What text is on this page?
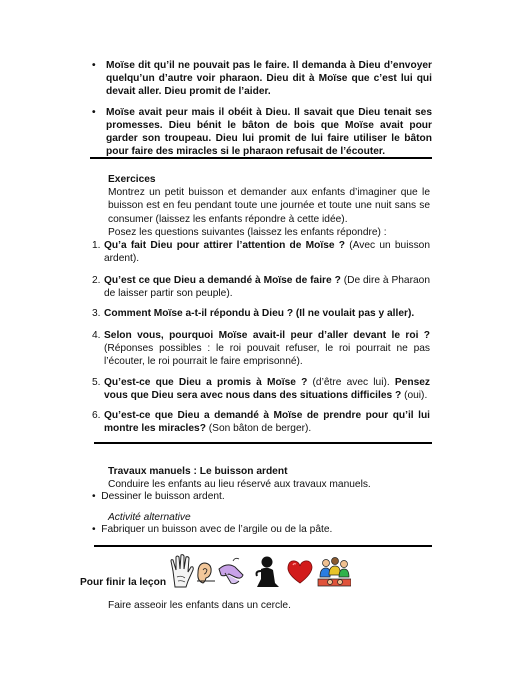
• Moïse dit qu’il ne pouvait pas le faire. Il demanda à Dieu d’envoyer quelqu’un d’autre voir pharaon. Dieu dit à Moïse que c’est lui qui devait aller. Dieu promit de l’aider.
• Moïse avait peur mais il obéit à Dieu. Il savait que Dieu tenait ses promesses. Dieu bénit le bâton de bois que Moïse avait pour garder son troupeau. Dieu lui promit de lui faire utiliser le bâton pour faire des miracles si le pharaon refusait de l’écouter.
Exercices
Montrez un petit buisson et demander aux enfants d’imaginer que le buisson est en feu pendant toute une journée et toute une nuit sans se consumer (laissez les enfants répondre à cette idée).
Posez les questions suivantes (laissez les enfants répondre) :
1. Qu’a fait Dieu pour attirer l’attention de Moïse ? (Avec un buisson ardent).
2. Qu’est ce que Dieu a demandé à Moïse de faire ? (De dire à Pharaon de laisser partir son peuple).
3. Comment Moïse a-t-il répondu à Dieu ? (Il ne voulait pas y aller).
4. Selon vous, pourquoi Moïse avait-il peur d’aller devant le roi ? (Réponses possibles : le roi pouvait refuser, le roi pourrait ne pas l’écouter, le roi pourrait le faire emprisonné).
5. Qu’est-ce que Dieu a promis à Moïse ? (d’être avec lui). Pensez vous que Dieu sera avec nous dans des situations difficiles ? (oui).
6. Qu’est-ce que Dieu a demandé à Moïse de prendre pour qu’il lui montre les miracles? (Son bâton de berger).
Travaux manuels : Le buisson ardent
Conduire les enfants au lieu réservé aux travaux manuels.
• Dessiner le buisson ardent.
Activité alternative
• Fabriquer un buisson avec de l’argile ou de la pâte.
Pour finir la leçon
Faire asseoir les enfants dans un cercle.
